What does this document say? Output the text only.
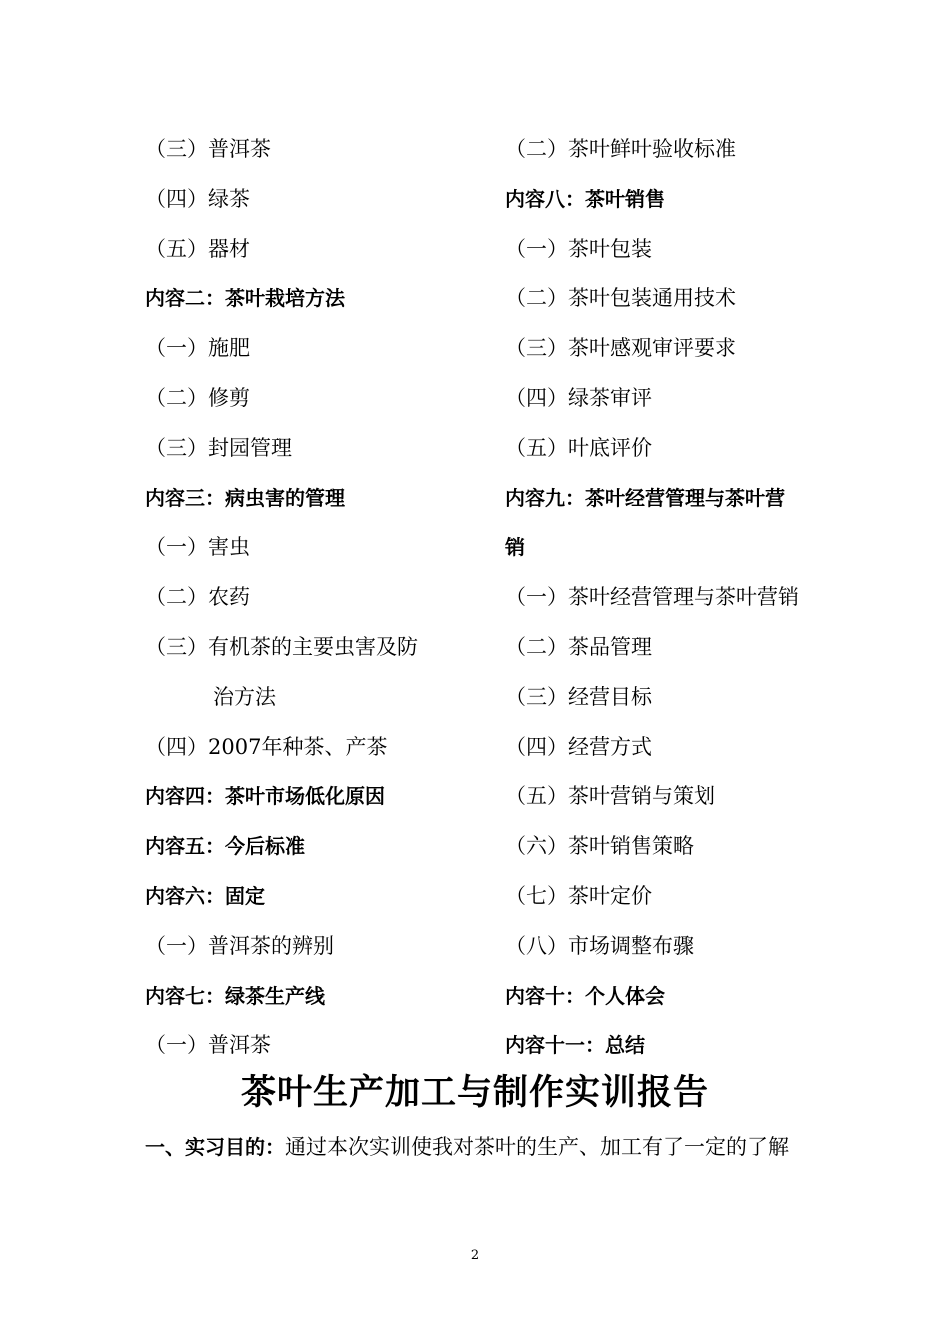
（三）普洱茶
（四）绿茶
（五）器材
内容二：茶叶栽培方法
（一）施肥
（二）修剪
（三）封园管理
内容三：病虫害的管理
（一）害虫
（二）农药
（三）有机茶的主要虫害及防
治方法
（四）2007年种茶、产茶
内容四：茶叶市场低化原因
内容五：今后标准
内容六：固定
（一）普洱茶的辨别
内容七：绿茶生产线
（一）普洱茶
（二）茶叶鲜叶验收标准
内容八：茶叶销售
（一）茶叶包装
（二）茶叶包装通用技术
（三）茶叶感观审评要求
（四）绿茶审评
（五）叶底评价
内容九：茶叶经营管理与茶叶营
销
（一）茶叶经营管理与茶叶营销
（二）茶品管理
（三）经营目标
（四）经营方式
（五）茶叶营销与策划
（六）茶叶销售策略
（七）茶叶定价
（八）市场调整布骤
内容十：个人体会
内容十一：总结
茶叶生产加工与制作实训报告
一、实习目的：通过本次实训使我对茶叶的生产、加工有了一定的了解
2
